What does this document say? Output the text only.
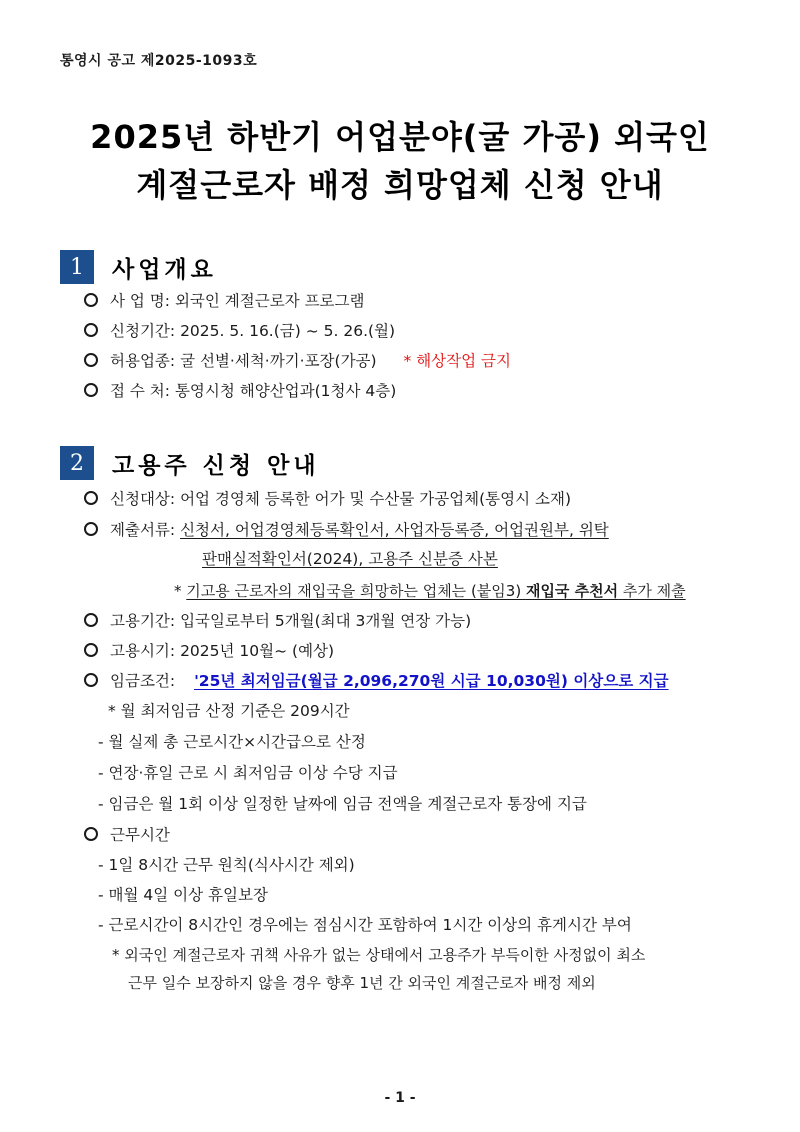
통영시 공고 제2025-1093호
2025년 하반기 어업분야(굴 가공) 외국인
계절근로자 배정 희망업체 신청 안내
1	사업개요
사 업 명: 외국인 계절근로자 프로그램
신청기간: 2025. 5. 16.(금) ~ 5. 26.(월)
허용업종: 굴 선별·세척·까기·포장(가공) * 해상작업 금지
접 수 처: 통영시청 해양산업과(1청사 4층)
2	고용주 신청 안내
신청대상: 어업 경영체 등록한 어가 및 수산물 가공업체(통영시 소재)
제출서류: 신청서, 어업경영체등록확인서, 사업자등록증, 어업권원부, 위탁
판매실적확인서(2024), 고용주 신분증 사본
* 기고용 근로자의 재입국을 희망하는 업체는 (붙임3) 재입국 추천서 추가 제출
고용기간: 입국일로부터 5개월(최대 3개월 연장 가능)
고용시기: 2025년 10월~ (예상)
임금조건: '25년 최저임금(월급 2,096,270원 시급 10,030원) 이상으로 지급
* 월 최저임금 산정 기준은 209시간
- 월 실제 총 근로시간×시간급으로 산정
- 연장·휴일 근로 시 최저임금 이상 수당 지급
- 임금은 월 1회 이상 일정한 날짜에 임금 전액을 계절근로자 통장에 지급
근무시간
- 1일 8시간 근무 원칙(식사시간 제외)
- 매월 4일 이상 휴일보장
- 근로시간이 8시간인 경우에는 점심시간 포함하여 1시간 이상의 휴게시간 부여
* 외국인 계절근로자 귀책 사유가 없는 상태에서 고용주가 부득이한 사정없이 최소
근무 일수 보장하지 않을 경우 향후 1년 간 외국인 계절근로자 배정 제외
- 1 -
